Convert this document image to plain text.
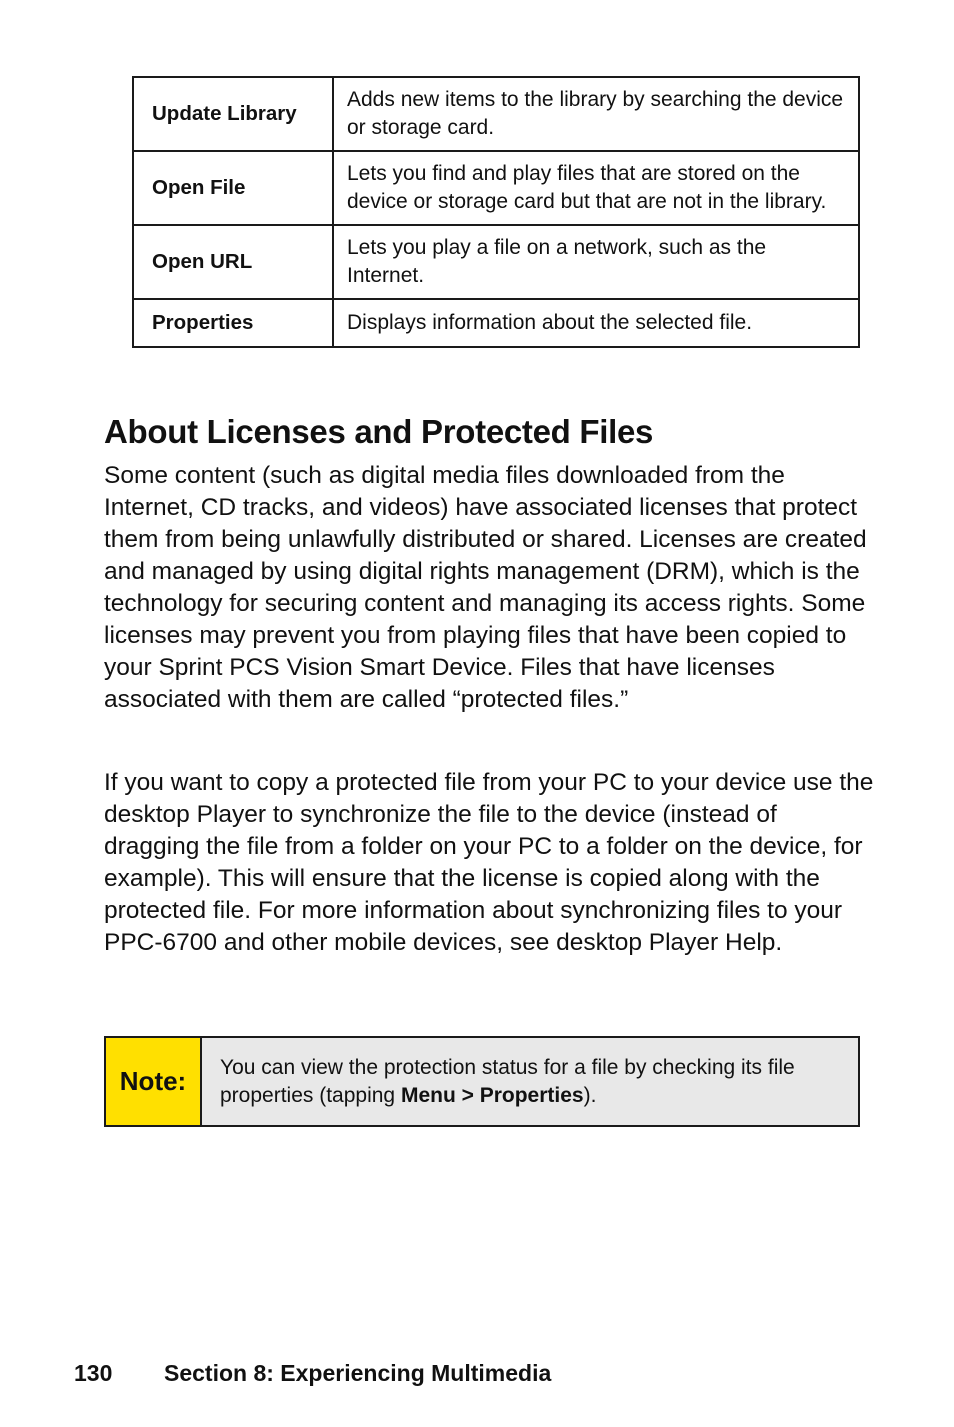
Update Library	Adds new items to the library by searching the device or storage card.
Open File	Lets you find and play files that are stored on the device or storage card but that are not in the library.
Open URL	Lets you play a file on a network, such as the Internet.
Properties	Displays information about the selected file.
About Licenses and Protected Files

Some content (such as digital media files downloaded from the Internet, CD tracks, and videos) have associated licenses that protect them from being unlawfully distributed or shared. Licenses are created and managed by using digital rights management (DRM), which is the technology for securing content and managing its access rights. Some licenses may prevent you from playing files that have been copied to your Sprint PCS Vision Smart Device. Files that have licenses associated with them are called “protected files.”

If you want to copy a protected file from your PC to your device use the desktop Player to synchronize the file to the device (instead of dragging the file from a folder on your PC to a folder on the device, for example). This will ensure that the license is copied along with the protected file. For more information about synchronizing files to your PPC-6700 and other mobile devices, see desktop Player Help.

Note:	You can view the protection status for a file by checking its file properties (tapping Menu > Properties).
130 Section 8: Experiencing Multimedia
